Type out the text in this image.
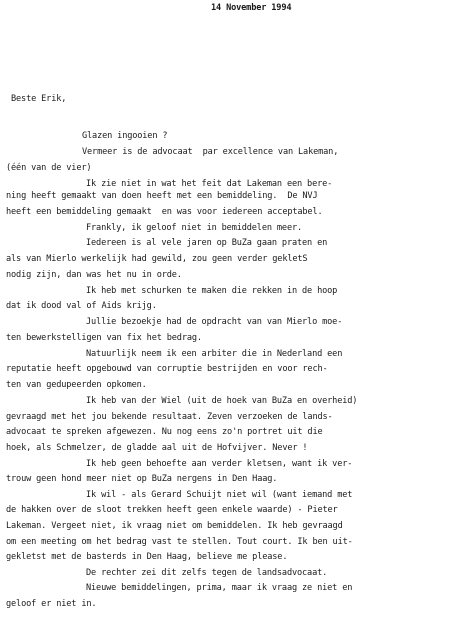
14 November 1994
Beste Erik,
Glazen ingooien ?
Vermeer is de advocaat  par excellence van Lakeman,
(één van de vier)
Ik zie niet in wat het feit dat Lakeman een bere-
ning heeft gemaakt van doen heeft met een bemiddeling.  De NVJ
heeft een bemiddeling gemaakt  en was voor iedereen acceptabel.
Frankly, ik geloof niet in bemiddelen meer.
Iedereen is al vele jaren op BuZa gaan praten en
als van Mierlo werkelijk had gewild, zou geen verder gekletS
nodig zijn, dan was het nu in orde.
Ik heb met schurken te maken die rekken in de hoop
dat ik dood val of Aids krijg.
Jullie bezoekje had de opdracht van van Mierlo moe-
ten bewerkstelligen van fix het bedrag.
Natuurlijk neem ik een arbiter die in Nederland een
reputatie heeft opgebouwd van corruptie bestrijden en voor rech-
ten van gedupeerden opkomen.
Ik heb van der Wiel (uit de hoek van BuZa en overheid)
gevraagd met het jou bekende resultaat. Zeven verzoeken de lands-
advocaat te spreken afgewezen. Nu nog eens zo'n portret uit die
hoek, als Schmelzer, de gladde aal uit de Hofvijver. Never !
Ik heb geen behoefte aan verder kletsen, want ik ver-
trouw geen hond meer niet op BuZa nergens in Den Haag.
Ik wil - als Gerard Schuijt niet wil (want iemand met
de hakken over de sloot trekken heeft geen enkele waarde) - Pieter
Lakeman. Vergeet niet, ik vraag niet om bemiddelen. Ik heb gevraagd
om een meeting om het bedrag vast te stellen. Tout court. Ik ben uit-
gekletst met de basterds in Den Haag, believe me please.
De rechter zei dit zelfs tegen de landsadvocaat.
Nieuwe bemiddelingen, prima, maar ik vraag ze niet en
geloof er niet in.
